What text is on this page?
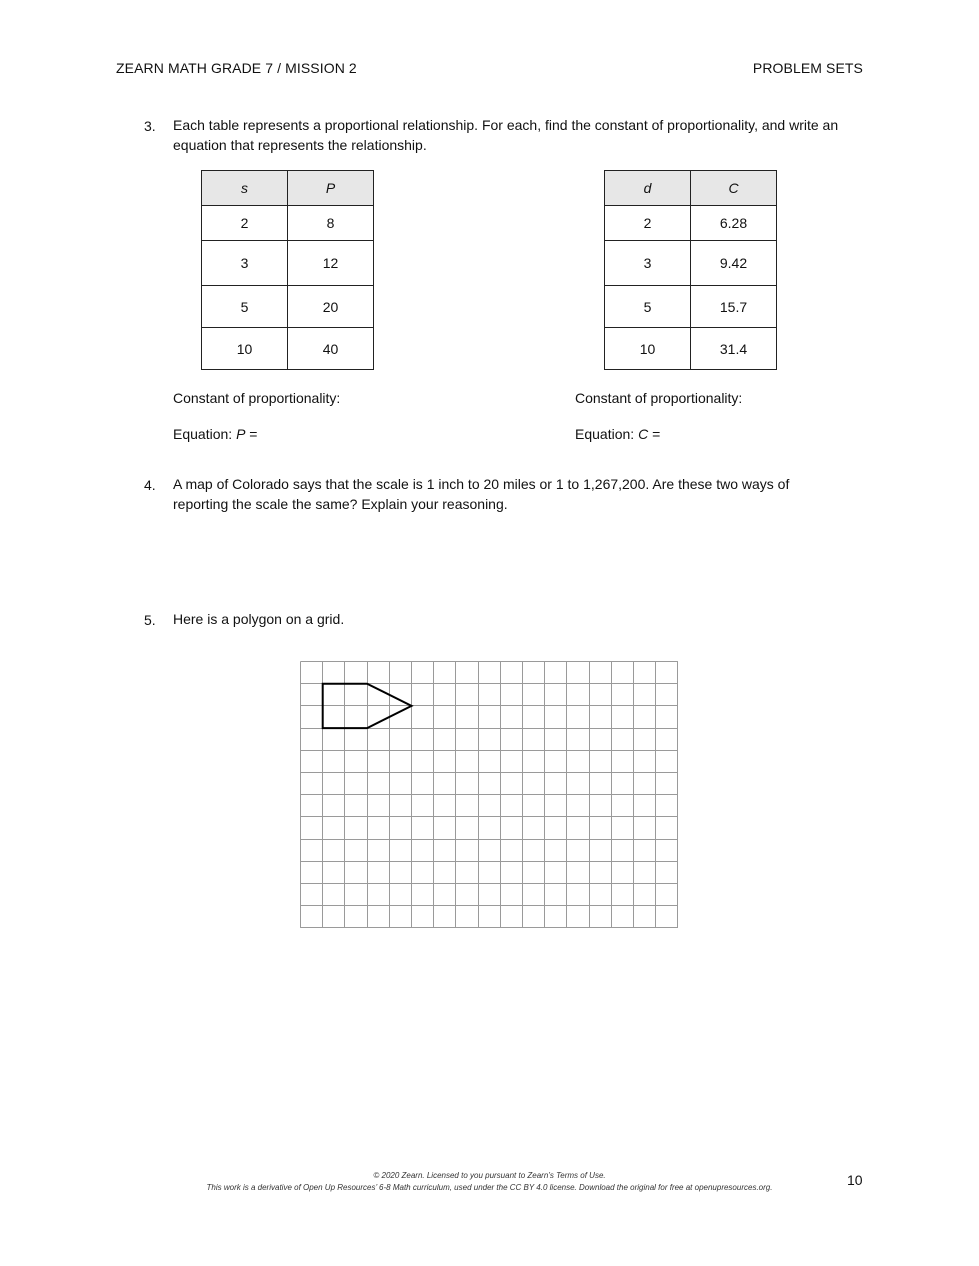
ZEARN MATH GRADE 7 / MISSION 2	PROBLEM SETS
3. Each table represents a proportional relationship. For each, find the constant of proportionality, and write an equation that represents the relationship.
s	P
2	8
3	12
5	20
10	40
d	C
2	6.28
3	9.42
5	15.7
10	31.4
Constant of proportionality:	Constant of proportionality:
Equation: P =	Equation: C =
4. A map of Colorado says that the scale is 1 inch to 20 miles or 1 to 1,267,200. Are these two ways of reporting the scale the same? Explain your reasoning.
5. Here is a polygon on a grid.
© 2020 Zearn. Licensed to you pursuant to Zearn’s Terms of Use.
This work is a derivative of Open Up Resources’ 6-8 Math curriculum, used under the CC BY 4.0 license. Download the original for free at openupresources.org.	10
